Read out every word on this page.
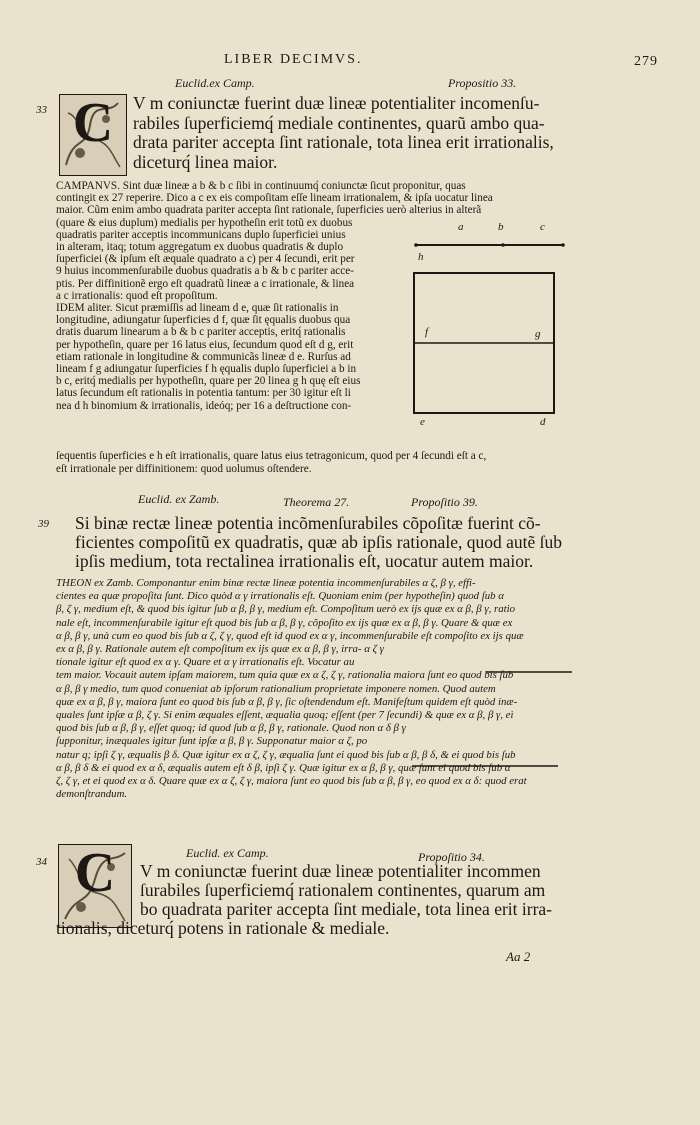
LIBER DECIMVS.	279
Euclid.ex Camp.	Propositio 33.
33 C	V m coniunctæ fuerint duæ lineæ potentialiter incomenſu-
rabiles ſuperficiemq́ mediale continentes, quarũ ambo qua-
drata pariter accepta ſint rationale, tota linea erit irrationalis,
diceturq́ linea maior.
CAMPANVS. Sint duæ lineæ a b & b c ſibi in continuumq́ coniunctæ ſicut proponitur, quas
contingit ex 27 reperire. Dico a c ex eis compoſitam eſſe lineam irrationalem, & ipſa uocatur linea
maior. Cũm enim ambo quadrata pariter accepta ſint rationale, ſuperficies uerò alterius in alterã
(quare & eius duplum) medialis per hypotheſin erit totũ ex duobus
quadratis pariter acceptis incommunicans duplo ſuperficiei unius
in alteram, itaq; totum aggregatum ex duobus quadratis & duplo
ſuperficiei (& ipſum eſt æquale quadrato a c) per 4 ſecundi, erit per
9 huius incommenſurabile duobus quadratis a b & b c pariter acce-
ptis. Per diffinitionẽ ergo eſt quadratũ lineæ a c irrationale, & linea
a c irrationalis: quod eſt propoſitum.
IDEM aliter. Sicut præmiſſis ad lineam d e, quæ ſit rationalis in
longitudine, adiungatur ſuperficies d f, quæ ſit ęqualis duobus qua
dratis duarum linearum a b & b c pariter acceptis, eritq́ rationalis
per hypotheſin, quare per 16 latus eius, ſecundum quod eſt d g, erit
etiam rationale in longitudine & communicãs lineæ d e. Rurſus ad
lineam f g adiungatur ſuperficies f h ęqualis duplo ſuperficiei a b in
b c, eritq́ medialis per hypotheſin, quare per 20 linea g h quę eſt eius
latus ſecundum eſt rationalis in potentia tantum: per 30 igitur eſt li
nea d h binomium & irrationalis, ideóq; per 16 a deſtructione con-
ſequentis ſuperficies e h eſt irrationalis, quare latus eius tetragonicum, quod per 4 ſecundi eſt a c,
eſt irrationale per diffinitionem: quod uolumus oſtendere.
a	b	c
h
f	g
e	d
Euclid. ex Zamb.	Theorema 27.	Propoſitio 39.
39 Si binæ rectæ lineæ potentia incõmenſurabiles cõpoſitæ fuerint cõ-
ficientes compoſitũ ex quadratis, quæ ab ipſis rationale, quod autẽ ſub
ipſis medium, tota rectalinea irrationalis eſt, uocatur autem maior.
THEON ex Zamb. Componantur enim binæ rectæ lineæ potentia incommenſurabiles α ζ, β γ, effi-
cientes ea quæ propoſita ſunt. Dico quòd α γ irrationalis eſt. Quoniam enim (per hypotheſin) quod ſub α
β, ζ γ, medium eſt, & quod bis igitur ſub α β, β γ, medium eſt. Compoſitum uerò ex ijs quæ ex α β, β γ, ratio
nale eſt, incommenſurabile igitur eſt quod bis ſub α β, β γ, cõpoſito ex ijs quæ ex α β, β γ. Quare & quæ ex
α β, β γ, unà cum eo quod bis ſub α ζ, ζ γ, quod eſt id quod ex α γ, incommenſurabile eſt compoſito ex ijs quæ
ex α β, β γ. Rationale autem eſt compoſitum ex ijs quæ ex α β, β γ, irra- α ζ γ
tionale igitur eſt quod ex α γ. Quare et α γ irrationalis eſt. Vocatur au
tem maior. Vocauit autem ipſam maiorem, tum quia quæ ex α ζ, ζ γ, rationalia maiora ſunt eo quod bis ſub
α β, β γ medio, tum quod conueniat ab ipſorum rationalium proprietate imponere nomen. Quod autem
quæ ex α β, β γ, maiora ſunt eo quod bis ſub α β, β γ, ſic oſtendendum eſt. Manifeſtum quidem eſt quòd inæ-
quales ſunt ipſæ α β, ζ γ. Si enim æquales eſſent, æqualia quoq; eſſent (per 7 ſecundi) & quæ ex α β, β γ, eì
quod bis ſub α β, β γ, eſſet quoq; id quod ſub α β, β γ, rationale. Quod non α δ β γ
ſupponitur, inæquales igitur ſunt ipſæ α β, β γ. Supponatur maior α ζ, po
natur q; ipſi ζ γ, æqualis β δ. Quæ igitur ex α ζ, ζ γ, æqualia ſunt ei quod bis ſub α β, β δ, & ei quod bis ſub
α β, β δ & ei quod ex α δ, æqualis autem eſt δ β, ipſi ζ γ. Quæ igitur ex α β, β γ, quæ ſunt ei quod bis ſub α
ζ, ζ γ, et ei quod ex α δ. Quare quæ ex α ζ, ζ γ, maiora ſunt eo quod bis ſub α β, β γ, eo quod ex α δ: quod erat
demonſtrandum.
34 C	Euclid. ex Camp.	Propoſitio 34.
V m coniunctæ fuerint duæ lineæ potentialiter incommen
ſurabiles ſuperficiemq́ rationalem continentes, quarum am
bo quadrata pariter accepta ſint mediale, tota linea erit irra-
tionalis, diceturq́ potens in rationale & mediale.
Aa 2
